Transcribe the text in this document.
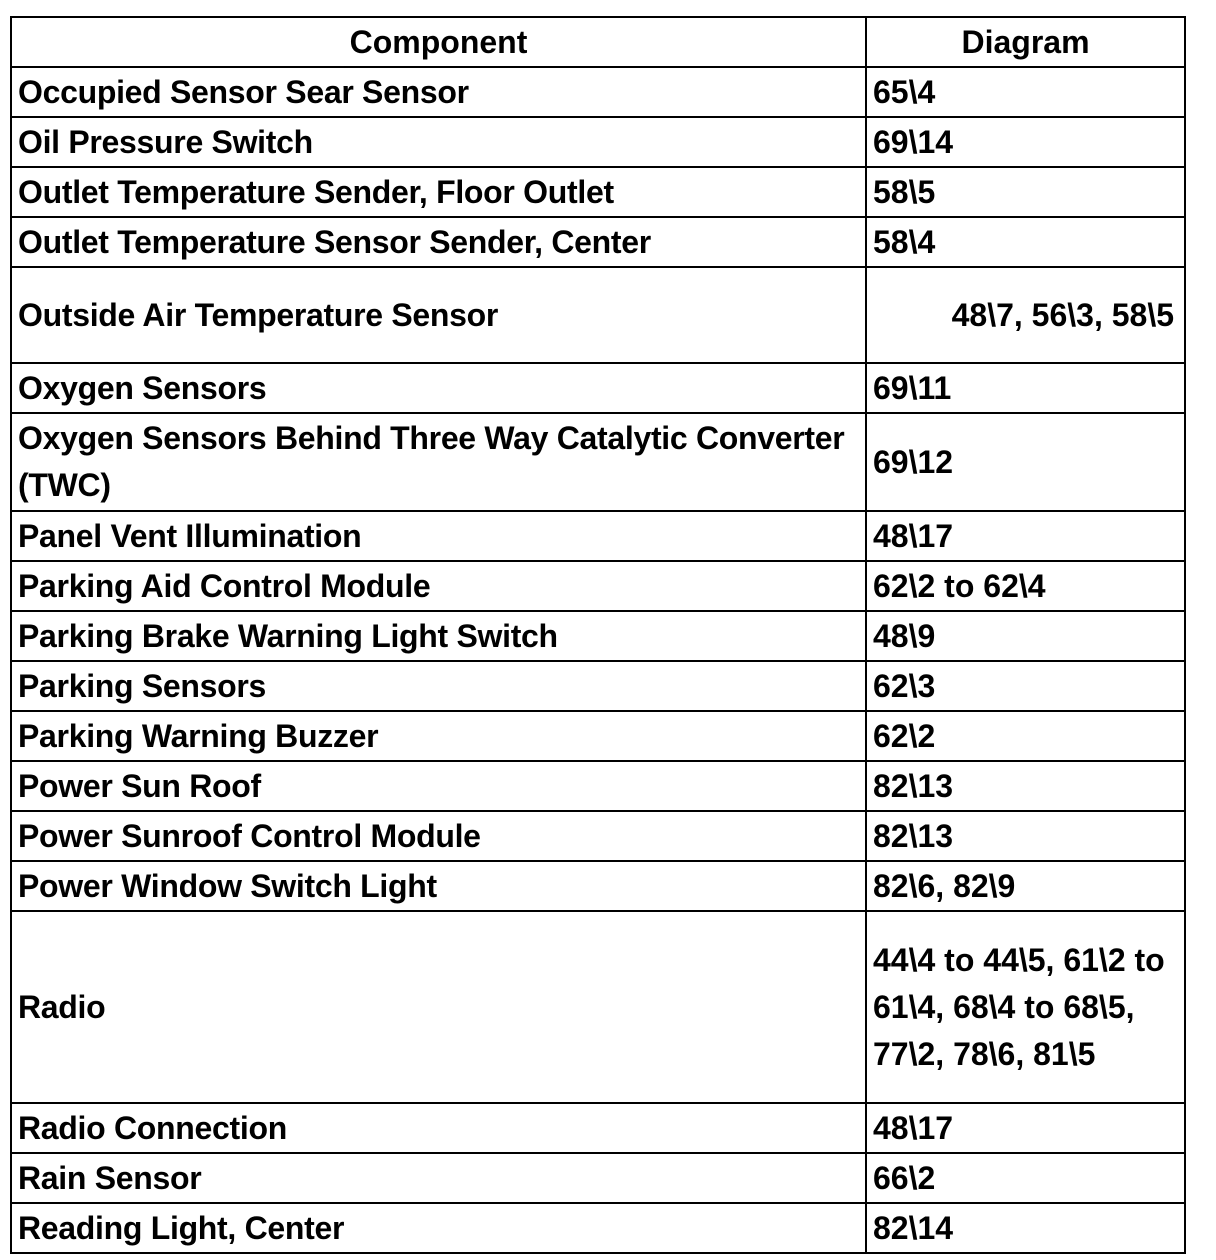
Component	Diagram
Occupied Sensor Sear Sensor	65\4
Oil Pressure Switch	69\14
Outlet Temperature Sender, Floor Outlet	58\5
Outlet Temperature Sensor Sender, Center	58\4
Outside Air Temperature Sensor	48\7, 56\3, 58\5
Oxygen Sensors	69\11
Oxygen Sensors Behind Three Way Catalytic Converter (TWC)	69\12
Panel Vent Illumination	48\17
Parking Aid Control Module	62\2 to 62\4
Parking Brake Warning Light Switch	48\9
Parking Sensors	62\3
Parking Warning Buzzer	62\2
Power Sun Roof	82\13
Power Sunroof Control Module	82\13
Power Window Switch Light	82\6, 82\9
Radio	44\4 to 44\5, 61\2 to 61\4, 68\4 to 68\5, 77\2, 78\6, 81\5
Radio Connection	48\17
Rain Sensor	66\2
Reading Light, Center	82\14
